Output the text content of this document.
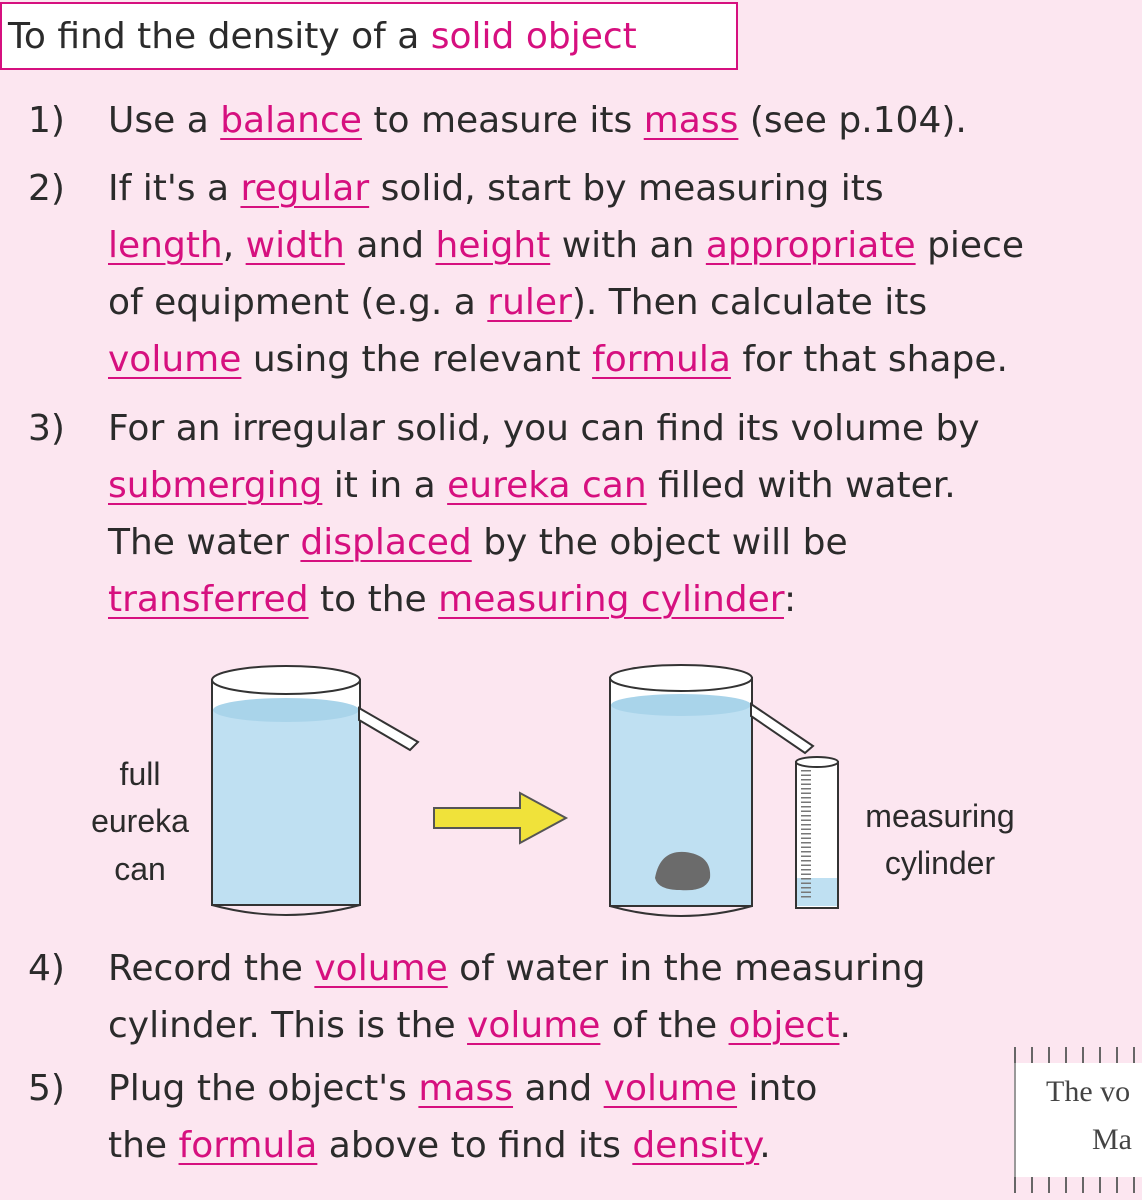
To find the density of a solid object
1) Use a balance to measure its mass (see p.104).
2) If it's a regular solid, start by measuring its
length, width and height with an appropriate piece
of equipment (e.g. a ruler). Then calculate its
volume using the relevant formula for that shape.
3) For an irregular solid, you can find its volume by
submerging it in a eureka can filled with water.
The water displaced by the object will be
transferred to the measuring cylinder:
4) Record the volume of water in the measuring
cylinder. This is the volume of the object.
5) Plug the object's mass and volume into
the formula above to find its density.
full
eureka
can
measuring
cylinder
The vo
Ma
